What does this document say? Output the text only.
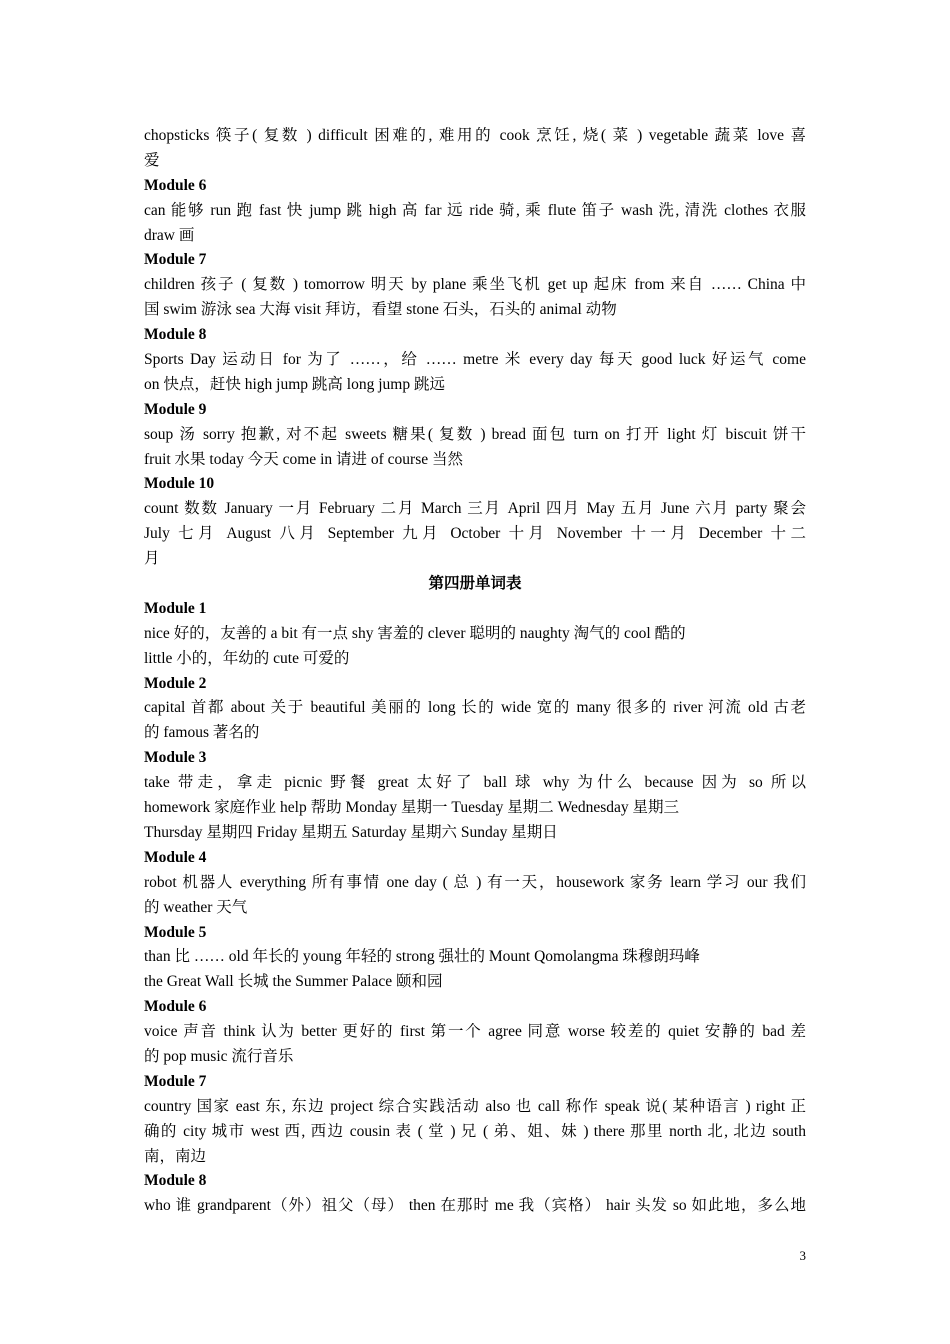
chopsticks 筷子( 复数 ) difficult 困难的, 难用的 cook 烹饪, 烧( 菜 ) vegetable 蔬菜 love 喜
爱
Module 6
can 能够 run 跑 fast 快 jump 跳 high 高 far 远 ride 骑, 乘 flute 笛子 wash 洗, 清洗 clothes 衣服
draw 画
Module 7
children 孩子 ( 复数 ) tomorrow 明天 by plane 乘坐飞机 get up 起床 from 来自 …… China 中
国 swim 游泳 sea 大海 visit 拜访，看望 stone 石头，石头的 animal 动物
Module 8
Sports Day 运动日 for 为了 ……，给 …… metre 米 every day 每天 good luck 好运气 come
on 快点，赶快 high jump 跳高 long jump 跳远
Module 9
soup 汤 sorry 抱歉, 对不起 sweets 糖果( 复数 ) bread 面包 turn on 打开 light 灯 biscuit 饼干
fruit 水果 today 今天 come in 请进 of course 当然
Module 10
count 数数 January 一月 February 二月 March 三月 April 四月 May 五月 June 六月 party 聚会
July 七月 August 八月 September 九月 October 十月 November 十一月 December 十二
月
第四册单词表
Module 1
nice 好的，友善的 a bit 有一点 shy 害羞的 clever 聪明的 naughty 淘气的 cool 酷的
little 小的，年幼的 cute 可爱的
Module 2
capital 首都 about 关于 beautiful 美丽的 long 长的 wide 宽的 many 很多的 river 河流 old 古老
的 famous 著名的
Module 3
take 带走，拿走 picnic 野餐 great 太好了 ball 球 why 为什么 because 因为 so 所以
homework 家庭作业 help 帮助 Monday 星期一 Tuesday 星期二 Wednesday 星期三
Thursday 星期四 Friday 星期五 Saturday 星期六 Sunday 星期日
Module 4
robot 机器人 everything 所有事情 one day ( 总 ) 有一天，housework 家务 learn 学习 our 我们
的 weather 天气
Module 5
than 比 …… old 年长的 young 年轻的 strong 强壮的 Mount Qomolangma 珠穆朗玛峰
the Great Wall 长城 the Summer Palace 颐和园
Module 6
voice 声音 think 认为 better 更好的 first 第一个 agree 同意 worse 较差的 quiet 安静的 bad 差
的 pop music 流行音乐
Module 7
country 国家 east 东, 东边 project 综合实践活动 also 也 call 称作 speak 说( 某种语言 ) right 正
确的 city 城市 west 西, 西边 cousin 表 ( 堂 ) 兄 ( 弟、姐、妹 ) there 那里 north 北, 北边 south
南，南边
Module 8
who 谁 grandparent（外）祖父（母） then 在那时 me 我（宾格） hair 头发 so 如此地，多么地
3
